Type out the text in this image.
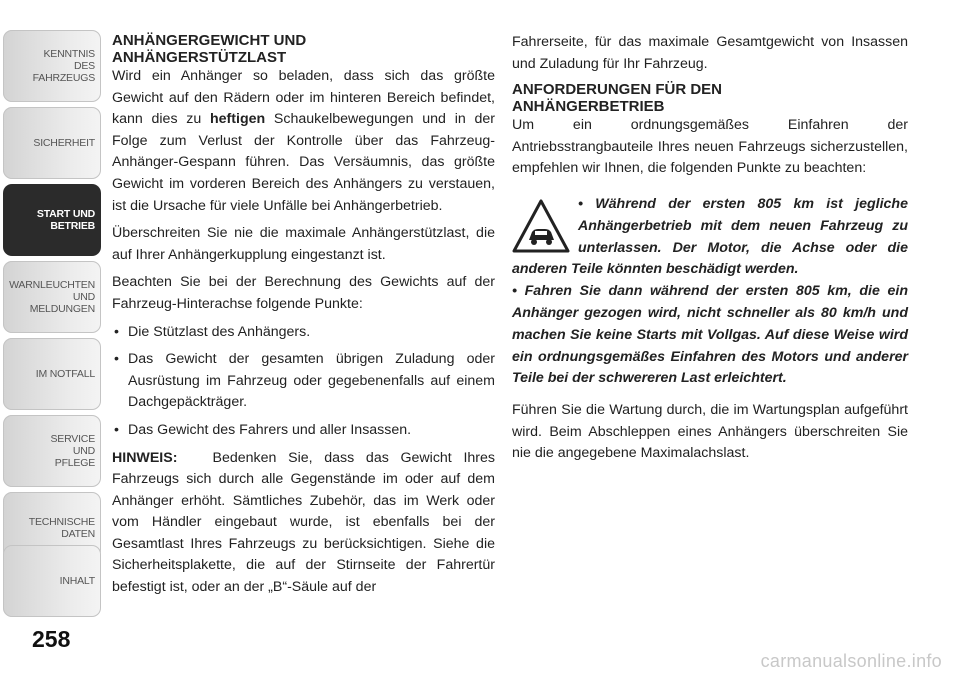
KENNTNIS
DES
FAHRZEUGS
SICHERHEIT
START UND
BETRIEB
WARNLEUCHTEN
UND
MELDUNGEN
IM NOTFALL
SERVICE
UND
PFLEGE
TECHNISCHE
DATEN
INHALT
258
ANHÄNGERGEWICHT UND
ANHÄNGERSTÜTZLAST

Wird ein Anhänger so beladen, dass sich das größte Gewicht auf den Rädern oder im hinteren Bereich befindet, kann dies zu heftigen Schaukelbewegungen und in der Folge zum Verlust der Kontrolle über das Fahrzeug-Anhänger-Gespann führen. Das Versäumnis, das größte Gewicht im vorderen Bereich des Anhängers zu verstauen, ist die Ursache für viele Unfälle bei Anhängerbetrieb.

Überschreiten Sie nie die maximale Anhängerstützlast, die auf Ihrer Anhängerkupplung eingestanzt ist.

Beachten Sie bei der Berechnung des Gewichts auf der Fahrzeug-Hinterachse folgende Punkte:

• Die Stützlast des Anhängers.
• Das Gewicht der gesamten übrigen Zuladung oder Ausrüstung im Fahrzeug oder gegebenenfalls auf einem Dachgepäckträger.
• Das Gewicht des Fahrers und aller Insassen.

HINWEIS: Bedenken Sie, dass das Gewicht Ihres Fahrzeugs sich durch alle Gegenstände im oder auf dem Anhänger erhöht. Sämtliches Zubehör, das im Werk oder vom Händler eingebaut wurde, ist ebenfalls bei der Gesamtlast Ihres Fahrzeugs zu berücksichtigen. Siehe die Sicherheitsplakette, die auf der Stirnseite der Fahrertür befestigt ist, oder an der „B“-Säule auf der

Fahrerseite, für das maximale Gesamtgewicht von Insassen und Zuladung für Ihr Fahrzeug.

ANFORDERUNGEN FÜR DEN
ANHÄNGERBETRIEB

Um ein ordnungsgemäßes Einfahren der Antriebsstrangbauteile Ihres neuen Fahrzeugs sicherzustellen, empfehlen wir Ihnen, die folgenden Punkte zu beachten:

• Während der ersten 805 km ist jegliche Anhängerbetrieb mit dem neuen Fahrzeug zu unterlassen. Der Motor, die Achse oder die anderen Teile könnten beschädigt werden.

• Fahren Sie dann während der ersten 805 km, die ein Anhänger gezogen wird, nicht schneller als 80 km/h und machen Sie keine Starts mit Vollgas. Auf diese Weise wird ein ordnungsgemäßes Einfahren des Motors und anderer Teile bei der schwereren Last erleichtert.

Führen Sie die Wartung durch, die im Wartungsplan aufgeführt wird. Beim Abschleppen eines Anhängers überschreiten Sie nie die angegebene Maximalachslast.

carmanualsonline.info
